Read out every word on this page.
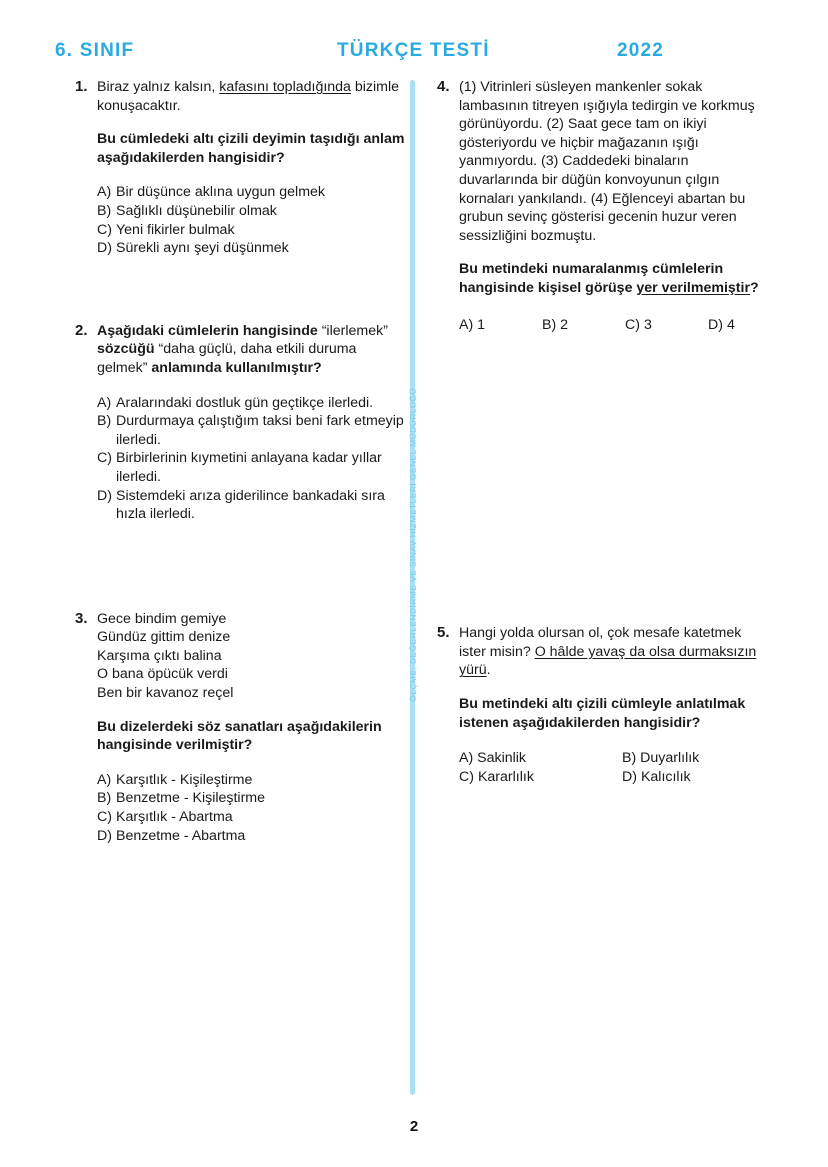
6. SINIF	TÜRKÇE TESTİ	2022
ÖLÇME, DEĞERLENDİRME VE SINAV HİZMETLERİ GENEL MÜDÜRLÜĞÜ
1. Biraz yalnız kalsın, kafasını topladığında bizimle konuşacaktır.
Bu cümledeki altı çizili deyimin taşıdığı anlam aşağıdakilerden hangisidir?
A) Bir düşünce aklına uygun gelmek
B) Sağlıklı düşünebilir olmak
C) Yeni fikirler bulmak
D) Sürekli aynı şeyi düşünmek
2. Aşağıdaki cümlelerin hangisinde “ilerlemek” sözcüğü “daha güçlü, daha etkili duruma gelmek” anlamında kullanılmıştır?
A) Aralarındaki dostluk gün geçtikçe ilerledi.
B) Durdurmaya çalıştığım taksi beni fark etmeyip ilerledi.
C) Birbirlerinin kıymetini anlayana kadar yıllar ilerledi.
D) Sistemdeki arıza giderilince bankadaki sıra hızla ilerledi.
3. Gece bindim gemiye
Gündüz gittim denize
Karşıma çıktı balina
O bana öpücük verdi
Ben bir kavanoz reçel
Bu dizelerdeki söz sanatları aşağıdakilerin hangisinde verilmiştir?
A) Karşıtlık - Kişileştirme
B) Benzetme - Kişileştirme
C) Karşıtlık - Abartma
D) Benzetme - Abartma
4. (1) Vitrinleri süsleyen mankenler sokak lambasının titreyen ışığıyla tedirgin ve korkmuş görünüyordu. (2) Saat gece tam on ikiyi gösteriyordu ve hiçbir mağazanın ışığı yanmıyordu. (3) Caddedeki binaların duvarlarında bir düğün konvoyunun çılgın kornaları yankılandı. (4) Eğlenceyi abartan bu grubun sevinç gösterisi gecenin huzur veren sessizliğini bozmuştu.
Bu metindeki numaralanmış cümlelerin hangisinde kişisel görüşe yer verilmemiştir?
A) 1	B) 2	C) 3	D) 4
5. Hangi yolda olursan ol, çok mesafe katetmek ister misin? O hâlde yavaş da olsa durmaksızın yürü.
Bu metindeki altı çizili cümleyle anlatılmak istenen aşağıdakilerden hangisidir?
A) Sakinlik	B) Duyarlılık
C) Kararlılık	D) Kalıcılık
2
